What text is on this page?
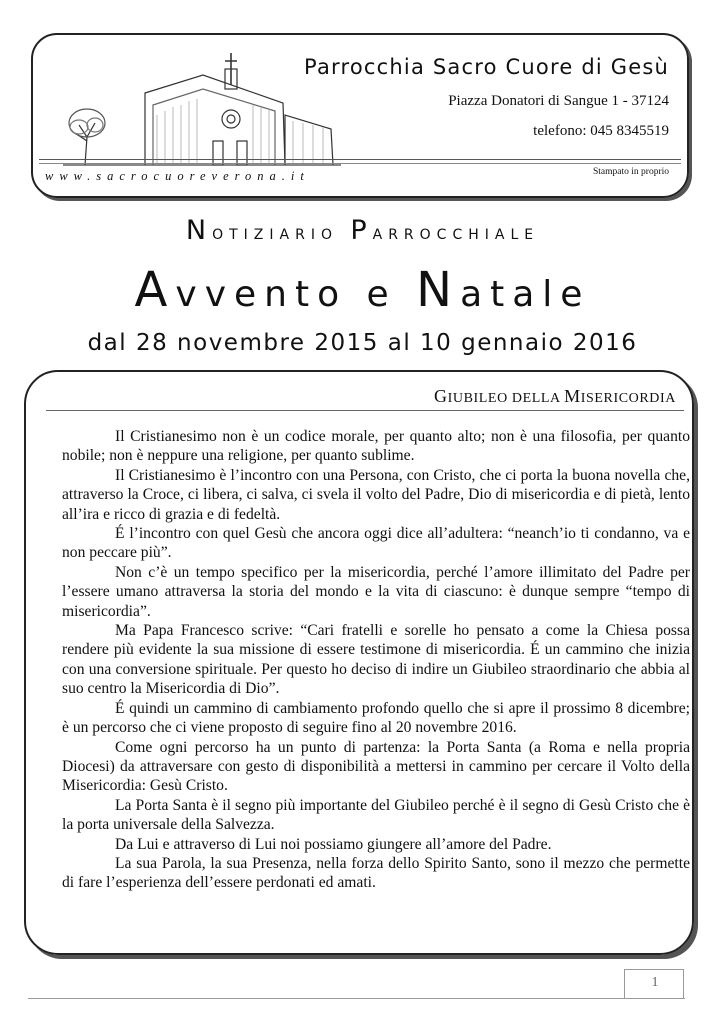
Parrocchia Sacro Cuore di Gesù
Piazza Donatori di Sangue 1 - 37124
telefono: 045 8345519
www.sacrocuoreverona.it	Stampato in proprio
Notiziario Parrocchiale
Avvento e Natale
dal 28 novembre 2015 al 10 gennaio 2016
GIUBILEO DELLA MISERICORDIA

Il Cristianesimo non è un codice morale, per quanto alto; non è una filosofia, per quanto nobile; non è neppure una religione, per quanto sublime.

Il Cristianesimo è l’incontro con una Persona, con Cristo, che ci porta la buona novella che, attraverso la Croce, ci libera, ci salva, ci svela il volto del Padre, Dio di misericordia e di pietà, lento all’ira e ricco di grazia e di fedeltà.

É l’incontro con quel Gesù che ancora oggi dice all’adultera: “neanch’io ti condanno, va e non peccare più”.

Non c’è un tempo specifico per la misericordia, perché l’amore illimitato del Padre per l’essere umano attraversa la storia del mondo e la vita di ciascuno: è dunque sempre “tempo di misericordia”.

Ma Papa Francesco scrive: “Cari fratelli e sorelle ho pensato a come la Chiesa possa rendere più evidente la sua missione di essere testimone di misericordia. É un cammino che inizia con una conversione spirituale. Per questo ho deciso di indire un Giubileo straordinario che abbia al suo centro la Misericordia di Dio”.

É quindi un cammino di cambiamento profondo quello che si apre il prossimo 8 dicembre; è un percorso che ci viene proposto di seguire fino al 20 novembre 2016.

Come ogni percorso ha un punto di partenza: la Porta Santa (a Roma e nella propria Diocesi) da attraversare con gesto di disponibilità a mettersi in cammino per cercare il Volto della Misericordia: Gesù Cristo.

La Porta Santa è il segno più importante del Giubileo perché è il segno di Gesù Cristo che è la porta universale della Salvezza.

Da Lui e attraverso di Lui noi possiamo giungere all’amore del Padre.

La sua Parola, la sua Presenza, nella forza dello Spirito Santo, sono il mezzo che permette di fare l’esperienza dell’essere perdonati ed amati.

1
